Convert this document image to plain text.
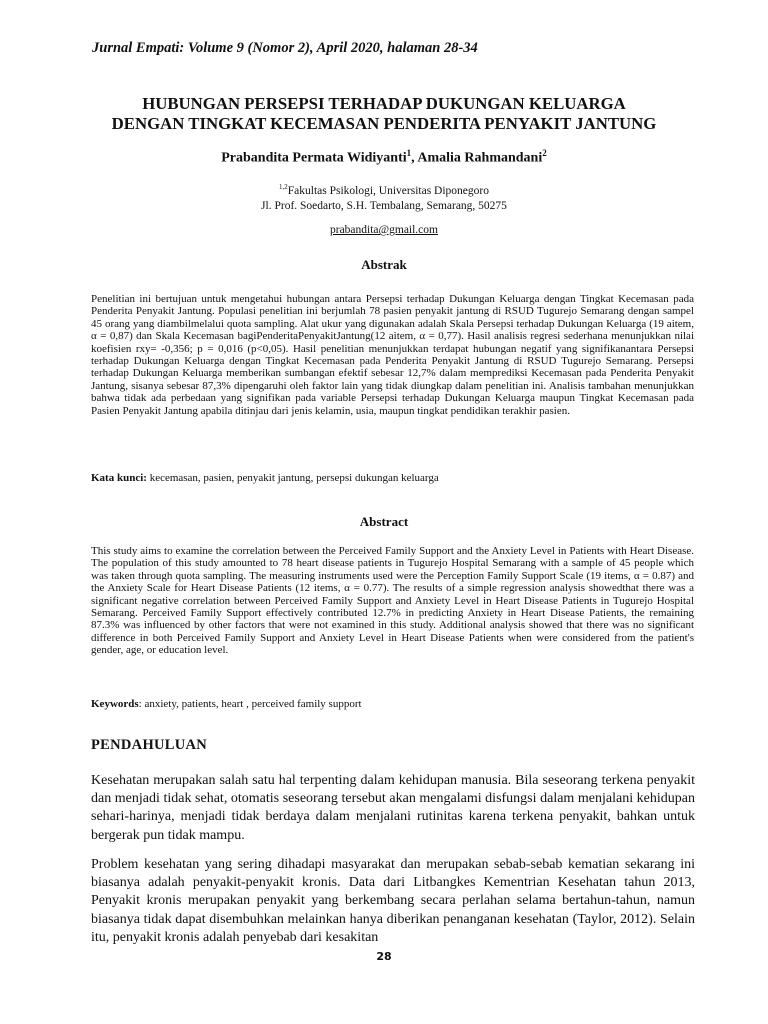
Jurnal Empati: Volume 9 (Nomor 2), April 2020, halaman 28-34
HUBUNGAN PERSEPSI TERHADAP DUKUNGAN KELUARGA
DENGAN TINGKAT KECEMASAN PENDERITA PENYAKIT JANTUNG
Prabandita Permata Widiyanti$^1$, Amalia Rahmandani$^2$
$^{1,2}$Fakultas Psikologi, Universitas Diponegoro
Jl. Prof. Soedarto, S.H. Tembalang, Semarang, 50275
prabandita@gmail.com
Abstrak
Penelitian ini bertujuan untuk mengetahui hubungan antara Persepsi terhadap Dukungan Keluarga dengan Tingkat Kecemasan pada Penderita Penyakit Jantung. Populasi penelitian ini berjumlah 78 pasien penyakit jantung di RSUD Tugurejo Semarang dengan sampel 45 orang yang diambilmelalui quota sampling. Alat ukur yang digunakan adalah Skala Persepsi terhadap Dukungan Keluarga (19 aitem, α = 0,87) dan Skala Kecemasan bagiPenderitaPenyakitJantung(12 aitem, α = 0,77). Hasil analisis regresi sederhana menunjukkan nilai koefisien rxy= -0,356; p = 0,016 (p<0,05). Hasil penelitian menunjukkan terdapat hubungan negatif yang signifikanantara Persepsi terhadap Dukungan Keluarga dengan Tingkat Kecemasan pada Penderita Penyakit Jantung di RSUD Tugurejo Semarang. Persepsi terhadap Dukungan Keluarga memberikan sumbangan efektif sebesar 12,7% dalam memprediksi Kecemasan pada Penderita Penyakit Jantung, sisanya sebesar 87,3% dipengaruhi oleh faktor lain yang tidak diungkap dalam penelitian ini. Analisis tambahan menunjukkan bahwa tidak ada perbedaan yang signifikan pada variable Persepsi terhadap Dukungan Keluarga maupun Tingkat Kecemasan pada Pasien Penyakit Jantung apabila ditinjau dari jenis kelamin, usia, maupun tingkat pendidikan terakhir pasien.
Kata kunci: kecemasan, pasien, penyakit jantung, persepsi dukungan keluarga
Abstract
This study aims to examine the correlation between the Perceived Family Support and the Anxiety Level in Patients with Heart Disease. The population of this study amounted to 78 heart disease patients in Tugurejo Hospital Semarang with a sample of 45 people which was taken through quota sampling. The measuring instruments used were the Perception Family Support Scale (19 items, α = 0.87) and the Anxiety Scale for Heart Disease Patients (12 items, α = 0.77). The results of a simple regression analysis showedthat there was a significant negative correlation between Perceived Family Support and Anxiety Level in Heart Disease Patients in Tugurejo Hospital Semarang. Perceived Family Support effectively contributed 12.7% in predicting Anxiety in Heart Disease Patients, the remaining 87.3% was influenced by other factors that were not examined in this study. Additional analysis showed that there was no significant difference in both Perceived Family Support and Anxiety Level in Heart Disease Patients when were considered from the patient's gender, age, or education level.
Keywords: anxiety, patients, heart , perceived family support
PENDAHULUAN
Kesehatan merupakan salah satu hal terpenting dalam kehidupan manusia. Bila seseorang terkena penyakit dan menjadi tidak sehat, otomatis seseorang tersebut akan mengalami disfungsi dalam menjalani kehidupan sehari-harinya, menjadi tidak berdaya dalam menjalani rutinitas karena terkena penyakit, bahkan untuk bergerak pun tidak mampu.
Problem kesehatan yang sering dihadapi masyarakat dan merupakan sebab-sebab kematian sekarang ini biasanya adalah penyakit-penyakit kronis. Data dari Litbangkes Kementrian Kesehatan tahun 2013, Penyakit kronis merupakan penyakit yang berkembang secara perlahan selama bertahun-tahun, namun biasanya tidak dapat disembuhkan melainkan hanya diberikan penanganan kesehatan (Taylor, 2012). Selain itu, penyakit kronis adalah penyebab dari kesakitan
28
